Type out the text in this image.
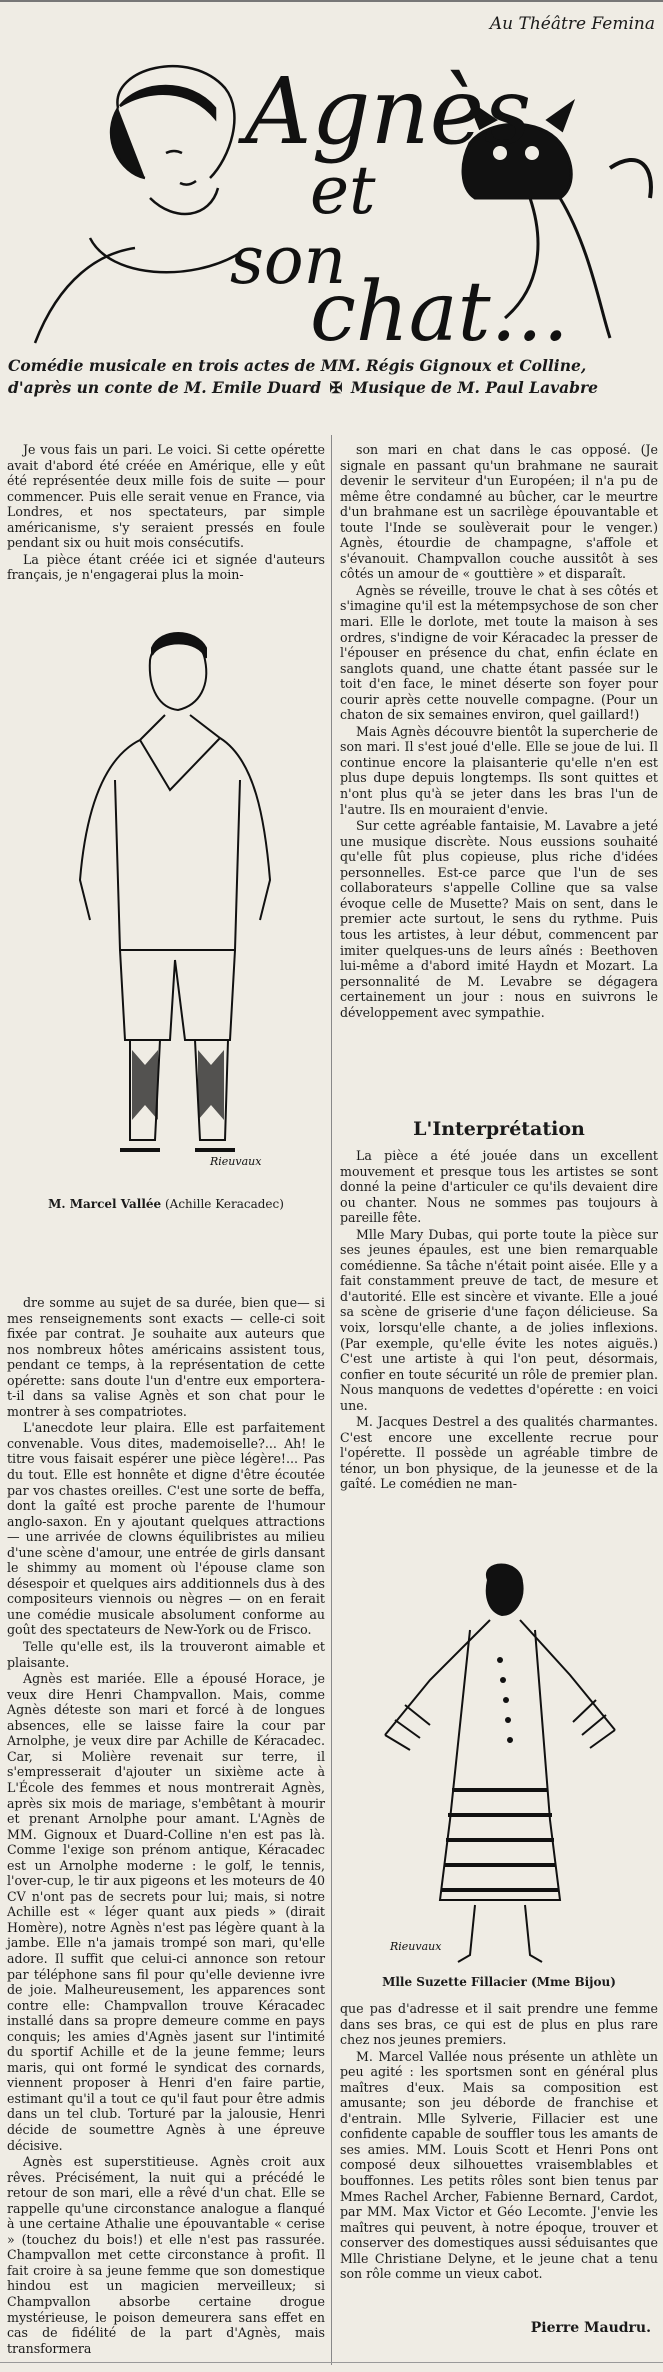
Au Théâtre Femina
Agnès
et
son
chat...
Comédie musicale en trois actes de MM. Régis Gignoux et Colline,
d'après un conte de M. Emile Duard ✠ Musique de M. Paul Lavabre

Je vous fais un pari. Le voici. Si cette opérette avait d'abord été créée en Amérique, elle y eût été représentée deux mille fois de suite — pour commencer. Puis elle serait venue en France, via Londres, et nos spectateurs, par simple américanisme, s'y seraient pressés en foule pendant six ou huit mois consécutifs.

La pièce étant créée ici et signée d'auteurs français, je n'engagerai plus la moin-

Rieuvaux
M. Marcel Vallée (Achille Keracadec)

dre somme au sujet de sa durée, bien que— si mes renseignements sont exacts — celle-ci soit fixée par contrat. Je souhaite aux auteurs que nos nombreux hôtes américains assistent tous, pendant ce temps, à la représentation de cette opérette: sans doute l'un d'entre eux emportera-t-il dans sa valise Agnès et son chat pour le montrer à ses compatriotes.

L'anecdote leur plaira. Elle est parfaitement convenable. Vous dites, mademoiselle?... Ah! le titre vous faisait espérer une pièce légère!... Pas du tout. Elle est honnête et digne d'être écoutée par vos chastes oreilles. C'est une sorte de beffa, dont la gaîté est proche parente de l'humour anglo-saxon. En y ajoutant quelques attractions — une arrivée de clowns équilibristes au milieu d'une scène d'amour, une entrée de girls dansant le shimmy au moment où l'épouse clame son désespoir et quelques airs additionnels dus à des compositeurs viennois ou nègres — on en ferait une comédie musicale absolument conforme au goût des spectateurs de New-York ou de Frisco.

Telle qu'elle est, ils la trouveront aimable et plaisante.

Agnès est mariée. Elle a épousé Horace, je veux dire Henri Champvallon. Mais, comme Agnès déteste son mari et forcé à de longues absences, elle se laisse faire la cour par Arnolphe, je veux dire par Achille de Kéracadec. Car, si Molière revenait sur terre, il s'empresserait d'ajouter un sixième acte à L'École des femmes et nous montrerait Agnès, après six mois de mariage, s'embêtant à mourir et prenant Arnolphe pour amant. L'Agnès de MM. Gignoux et Duard-Colline n'en est pas là. Comme l'exige son prénom antique, Kéracadec est un Arnolphe moderne : le golf, le tennis, l'over-cup, le tir aux pigeons et les moteurs de 40 CV n'ont pas de secrets pour lui; mais, si notre Achille est « léger quant aux pieds » (dirait Homère), notre Agnès n'est pas légère quant à la jambe. Elle n'a jamais trompé son mari, qu'elle adore. Il suffit que celui-ci annonce son retour par téléphone sans fil pour qu'elle devienne ivre de joie. Malheureusement, les apparences sont contre elle: Champvallon trouve Kéracadec installé dans sa propre demeure comme en pays conquis; les amies d'Agnès jasent sur l'intimité du sportif Achille et de la jeune femme; leurs maris, qui ont formé le syndicat des cornards, viennent proposer à Henri d'en faire partie, estimant qu'il a tout ce qu'il faut pour être admis dans un tel club. Torturé par la jalousie, Henri décide de soumettre Agnès à une épreuve décisive.

Agnès est superstitieuse. Agnès croit aux rêves. Précisément, la nuit qui a précédé le retour de son mari, elle a rêvé d'un chat. Elle se rappelle qu'une circonstance analogue a flanqué à une certaine Athalie une épouvantable « cerise » (touchez du bois!) et elle n'est pas rassurée. Champvallon met cette circonstance à profit. Il fait croire à sa jeune femme que son domestique hindou est un magicien merveilleux; si Champvallon absorbe certaine drogue mystérieuse, le poison demeurera sans effet en cas de fidélité de la part d'Agnès, mais transformera

son mari en chat dans le cas opposé. (Je signale en passant qu'un brahmane ne saurait devenir le serviteur d'un Européen; il n'a pu de même être condamné au bûcher, car le meurtre d'un brahmane est un sacrilège épouvantable et toute l'Inde se soulèverait pour le venger.) Agnès, étourdie de champagne, s'affole et s'évanouit. Champvallon couche aussitôt à ses côtés un amour de « gouttière » et disparaît.

Agnès se réveille, trouve le chat à ses côtés et s'imagine qu'il est la métempsychose de son cher mari. Elle le dorlote, met toute la maison à ses ordres, s'indigne de voir Kéracadec la presser de l'épouser en présence du chat, enfin éclate en sanglots quand, une chatte étant passée sur le toit d'en face, le minet déserte son foyer pour courir après cette nouvelle compagne. (Pour un chaton de six semaines environ, quel gaillard!)

Mais Agnès découvre bientôt la supercherie de son mari. Il s'est joué d'elle. Elle se joue de lui. Il continue encore la plaisanterie qu'elle n'en est plus dupe depuis longtemps. Ils sont quittes et n'ont plus qu'à se jeter dans les bras l'un de l'autre. Ils en mouraient d'envie.

Sur cette agréable fantaisie, M. Lavabre a jeté une musique discrète. Nous eussions souhaité qu'elle fût plus copieuse, plus riche d'idées personnelles. Est-ce parce que l'un de ses collaborateurs s'appelle Colline que sa valse évoque celle de Musette? Mais on sent, dans le premier acte surtout, le sens du rythme. Puis tous les artistes, à leur début, commencent par imiter quelques-uns de leurs aînés : Beethoven lui-même a d'abord imité Haydn et Mozart. La personnalité de M. Levabre se dégagera certainement un jour : nous en suivrons le développement avec sympathie.

L'Interprétation

La pièce a été jouée dans un excellent mouvement et presque tous les artistes se sont donné la peine d'articuler ce qu'ils devaient dire ou chanter. Nous ne sommes pas toujours à pareille fête.

Mlle Mary Dubas, qui porte toute la pièce sur ses jeunes épaules, est une bien remarquable comédienne. Sa tâche n'était point aisée. Elle y a fait constamment preuve de tact, de mesure et d'autorité. Elle est sincère et vivante. Elle a joué sa scène de griserie d'une façon délicieuse. Sa voix, lorsqu'elle chante, a de jolies inflexions. (Par exemple, qu'elle évite les notes aiguës.) C'est une artiste à qui l'on peut, désormais, confier en toute sécurité un rôle de premier plan. Nous manquons de vedettes d'opérette : en voici une.

M. Jacques Destrel a des qualités charmantes. C'est encore une excellente recrue pour l'opérette. Il possède un agréable timbre de ténor, un bon physique, de la jeunesse et de la gaîté. Le comédien ne man-

Rieuvaux
Mlle Suzette Fillacier (Mme Bijou)

que pas d'adresse et il sait prendre une femme dans ses bras, ce qui est de plus en plus rare chez nos jeunes premiers.

M. Marcel Vallée nous présente un athlète un peu agité : les sportsmen sont en général plus maîtres d'eux. Mais sa composition est amusante; son jeu déborde de franchise et d'entrain. Mlle Sylverie, Fillacier est une confidente capable de souffler tous les amants de ses amies. MM. Louis Scott et Henri Pons ont composé deux silhouettes vraisemblables et bouffonnes. Les petits rôles sont bien tenus par Mmes Rachel Archer, Fabienne Bernard, Cardot, par MM. Max Victor et Géo Lecomte. J'envie les maîtres qui peuvent, à notre époque, trouver et conserver des domestiques aussi séduisantes que Mlle Christiane Delyne, et le jeune chat a tenu son rôle comme un vieux cabot.

Pierre Maudru.
